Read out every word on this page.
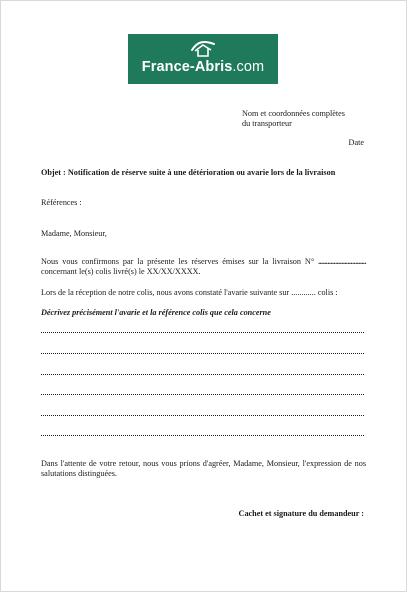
France-Abris.com
Nom et coordonnées complètes
du transporteur
Date
Objet : Notification de réserve suite à une détérioration ou avarie lors de la livraison
Références :
Madame, Monsieur,
Nous vous confirmons par la présente les réserves émises sur la livraison N° ............................... concernant le(s) colis livré(s) le XX/XX/XXXX.
Lors de la réception de notre colis, nous avons constaté l'avarie suivante sur ............ colis :
Décrivez précisément l'avarie et la référence colis que cela concerne
Dans l'attente de votre retour, nous vous prions d'agréer, Madame, Monsieur, l'expression de nos salutations distinguées.
Cachet et signature du demandeur :
